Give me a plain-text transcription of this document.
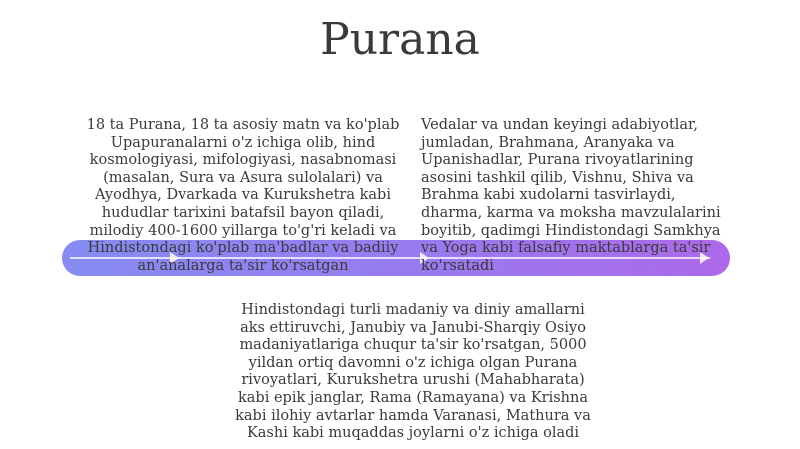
Purana
18 ta Purana, 18 ta asosiy matn va ko'plab Upapuranalarni o'z ichiga olib, hind kosmologiyasi, mifologiyasi, nasabnomasi (masalan, Sura va Asura sulolalari) va Ayodhya, Dvarkada va Kurukshetra kabi hududlar tarixini batafsil bayon qiladi, milodiy 400-1600 yillarga to'g'ri keladi va Hindistondagi ko'plab ma'badlar va badiiy an'analarga ta'sir ko'rsatgan
Vedalar va undan keyingi adabiyotlar, jumladan, Brahmana, Aranyaka va Upanishadlar, Purana rivoyatlarining asosini tashkil qilib, Vishnu, Shiva va Brahma kabi xudolarni tasvirlaydi, dharma, karma va moksha mavzulalarini boyitib, qadimgi Hindistondagi Samkhya va Yoga kabi falsafiy maktablarga ta'sir ko'rsatadi
Hindistondagi turli madaniy va diniy amallarni aks ettiruvchi, Janubiy va Janubi-Sharqiy Osiyo madaniyatlariga chuqur ta'sir ko'rsatgan, 5000 yildan ortiq davomni o'z ichiga olgan Purana rivoyatlari, Kurukshetra urushi (Mahabharata) kabi epik janglar, Rama (Ramayana) va Krishna kabi ilohiy avtarlar hamda Varanasi, Mathura va Kashi kabi muqaddas joylarni o'z ichiga oladi
